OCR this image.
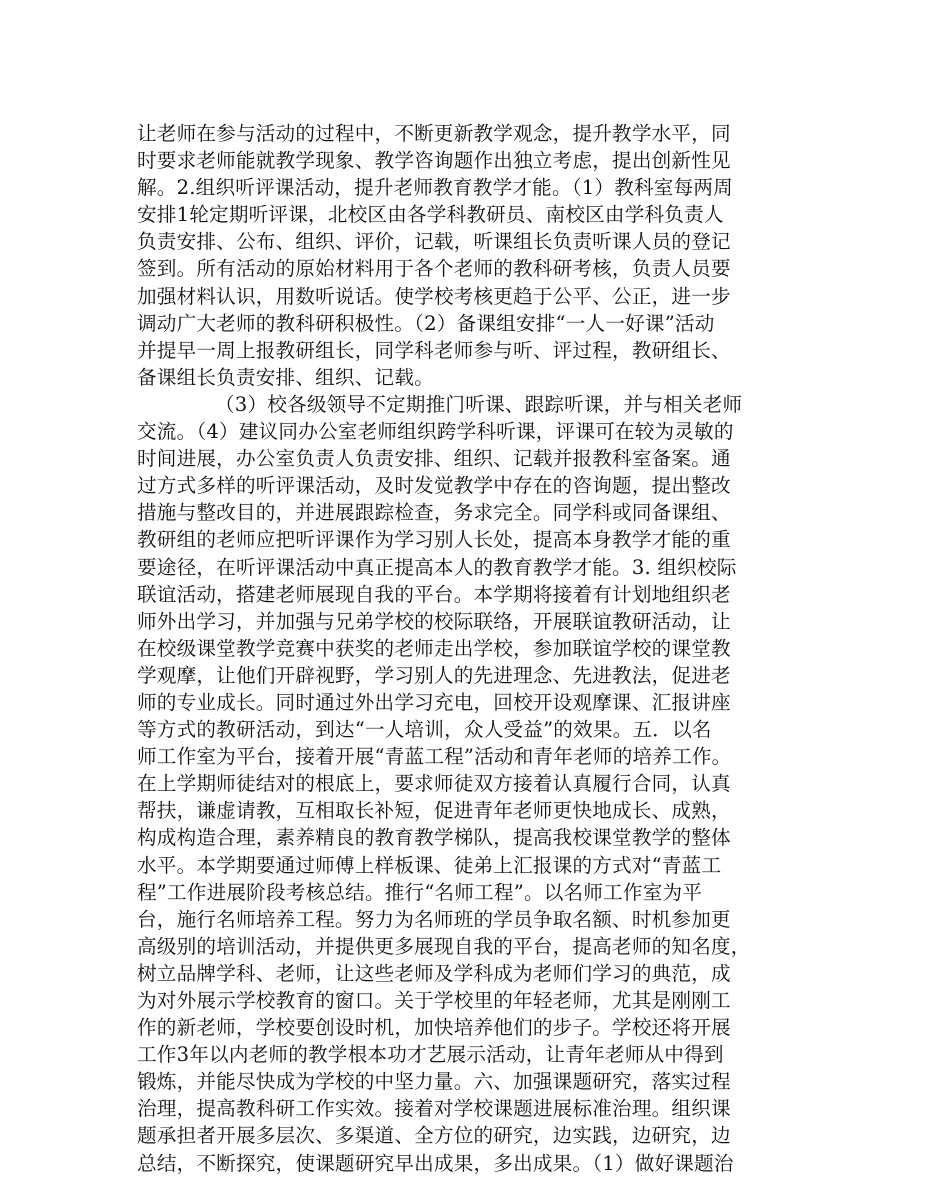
让老师在参与活动的过程中，不断更新教学观念，提升教学水平，同
时要求老师能就教学现象、教学咨询题作出独立考虑，提出创新性见
解。2.组织听评课活动，提升老师教育教学才能。（1）教科室每两周
安排1轮定期听评课，北校区由各学科教研员、南校区由学科负责人
负责安排、公布、组织、评价，记载，听课组长负责听课人员的登记
签到。所有活动的原始材料用于各个老师的教科研考核，负责人员要
加强材料认识，用数听说话。使学校考核更趋于公平、公正，进一步
调动广大老师的教科研积极性。（2）备课组安排“一人一好课”活动
并提早一周上报教研组长，同学科老师参与听、评过程，教研组长、
备课组长负责安排、组织、记载。
（3）校各级领导不定期推门听课、跟踪听课，并与相关老师
交流。（4）建议同办公室老师组织跨学科听课，评课可在较为灵敏的
时间进展，办公室负责人负责安排、组织、记载并报教科室备案。通
过方式多样的听评课活动，及时发觉教学中存在的咨询题，提出整改
措施与整改目的，并进展跟踪检查，务求完全。同学科或同备课组、
教研组的老师应把听评课作为学习别人长处，提高本身教学才能的重
要途径，在听评课活动中真正提高本人的教育教学才能。3. 组织校际
联谊活动，搭建老师展现自我的平台。本学期将接着有计划地组织老
师外出学习，并加强与兄弟学校的校际联络，开展联谊教研活动，让
在校级课堂教学竞赛中获奖的老师走出学校，参加联谊学校的课堂教
学观摩，让他们开辟视野，学习别人的先进理念、先进教法，促进老
师的专业成长。同时通过外出学习充电，回校开设观摩课、汇报讲座
等方式的教研活动，到达“一人培训，众人受益”的效果。五．以名
师工作室为平台，接着开展“青蓝工程”活动和青年老师的培养工作。
在上学期师徒结对的根底上，要求师徒双方接着认真履行合同，认真
帮扶，谦虚请教，互相取长补短，促进青年老师更快地成长、成熟，
构成构造合理，素养精良的教育教学梯队，提高我校课堂教学的整体
水平。本学期要通过师傅上样板课、徒弟上汇报课的方式对“青蓝工
程”工作进展阶段考核总结。推行“名师工程”。以名师工作室为平
台，施行名师培养工程。努力为名师班的学员争取名额、时机参加更
高级别的培训活动，并提供更多展现自我的平台，提高老师的知名度，
树立品牌学科、老师，让这些老师及学科成为老师们学习的典范，成
为对外展示学校教育的窗口。关于学校里的年轻老师，尤其是刚刚工
作的新老师，学校要创设时机，加快培养他们的步子。学校还将开展
工作3年以内老师的教学根本功才艺展示活动，让青年老师从中得到
锻炼，并能尽快成为学校的中坚力量。六、加强课题研究，落实过程
治理，提高教科研工作实效。接着对学校课题进展标准治理。组织课
题承担者开展多层次、多渠道、全方位的研究，边实践，边研究，边
总结，不断探究，使课题研究早出成果，多出成果。（1）做好课题治
